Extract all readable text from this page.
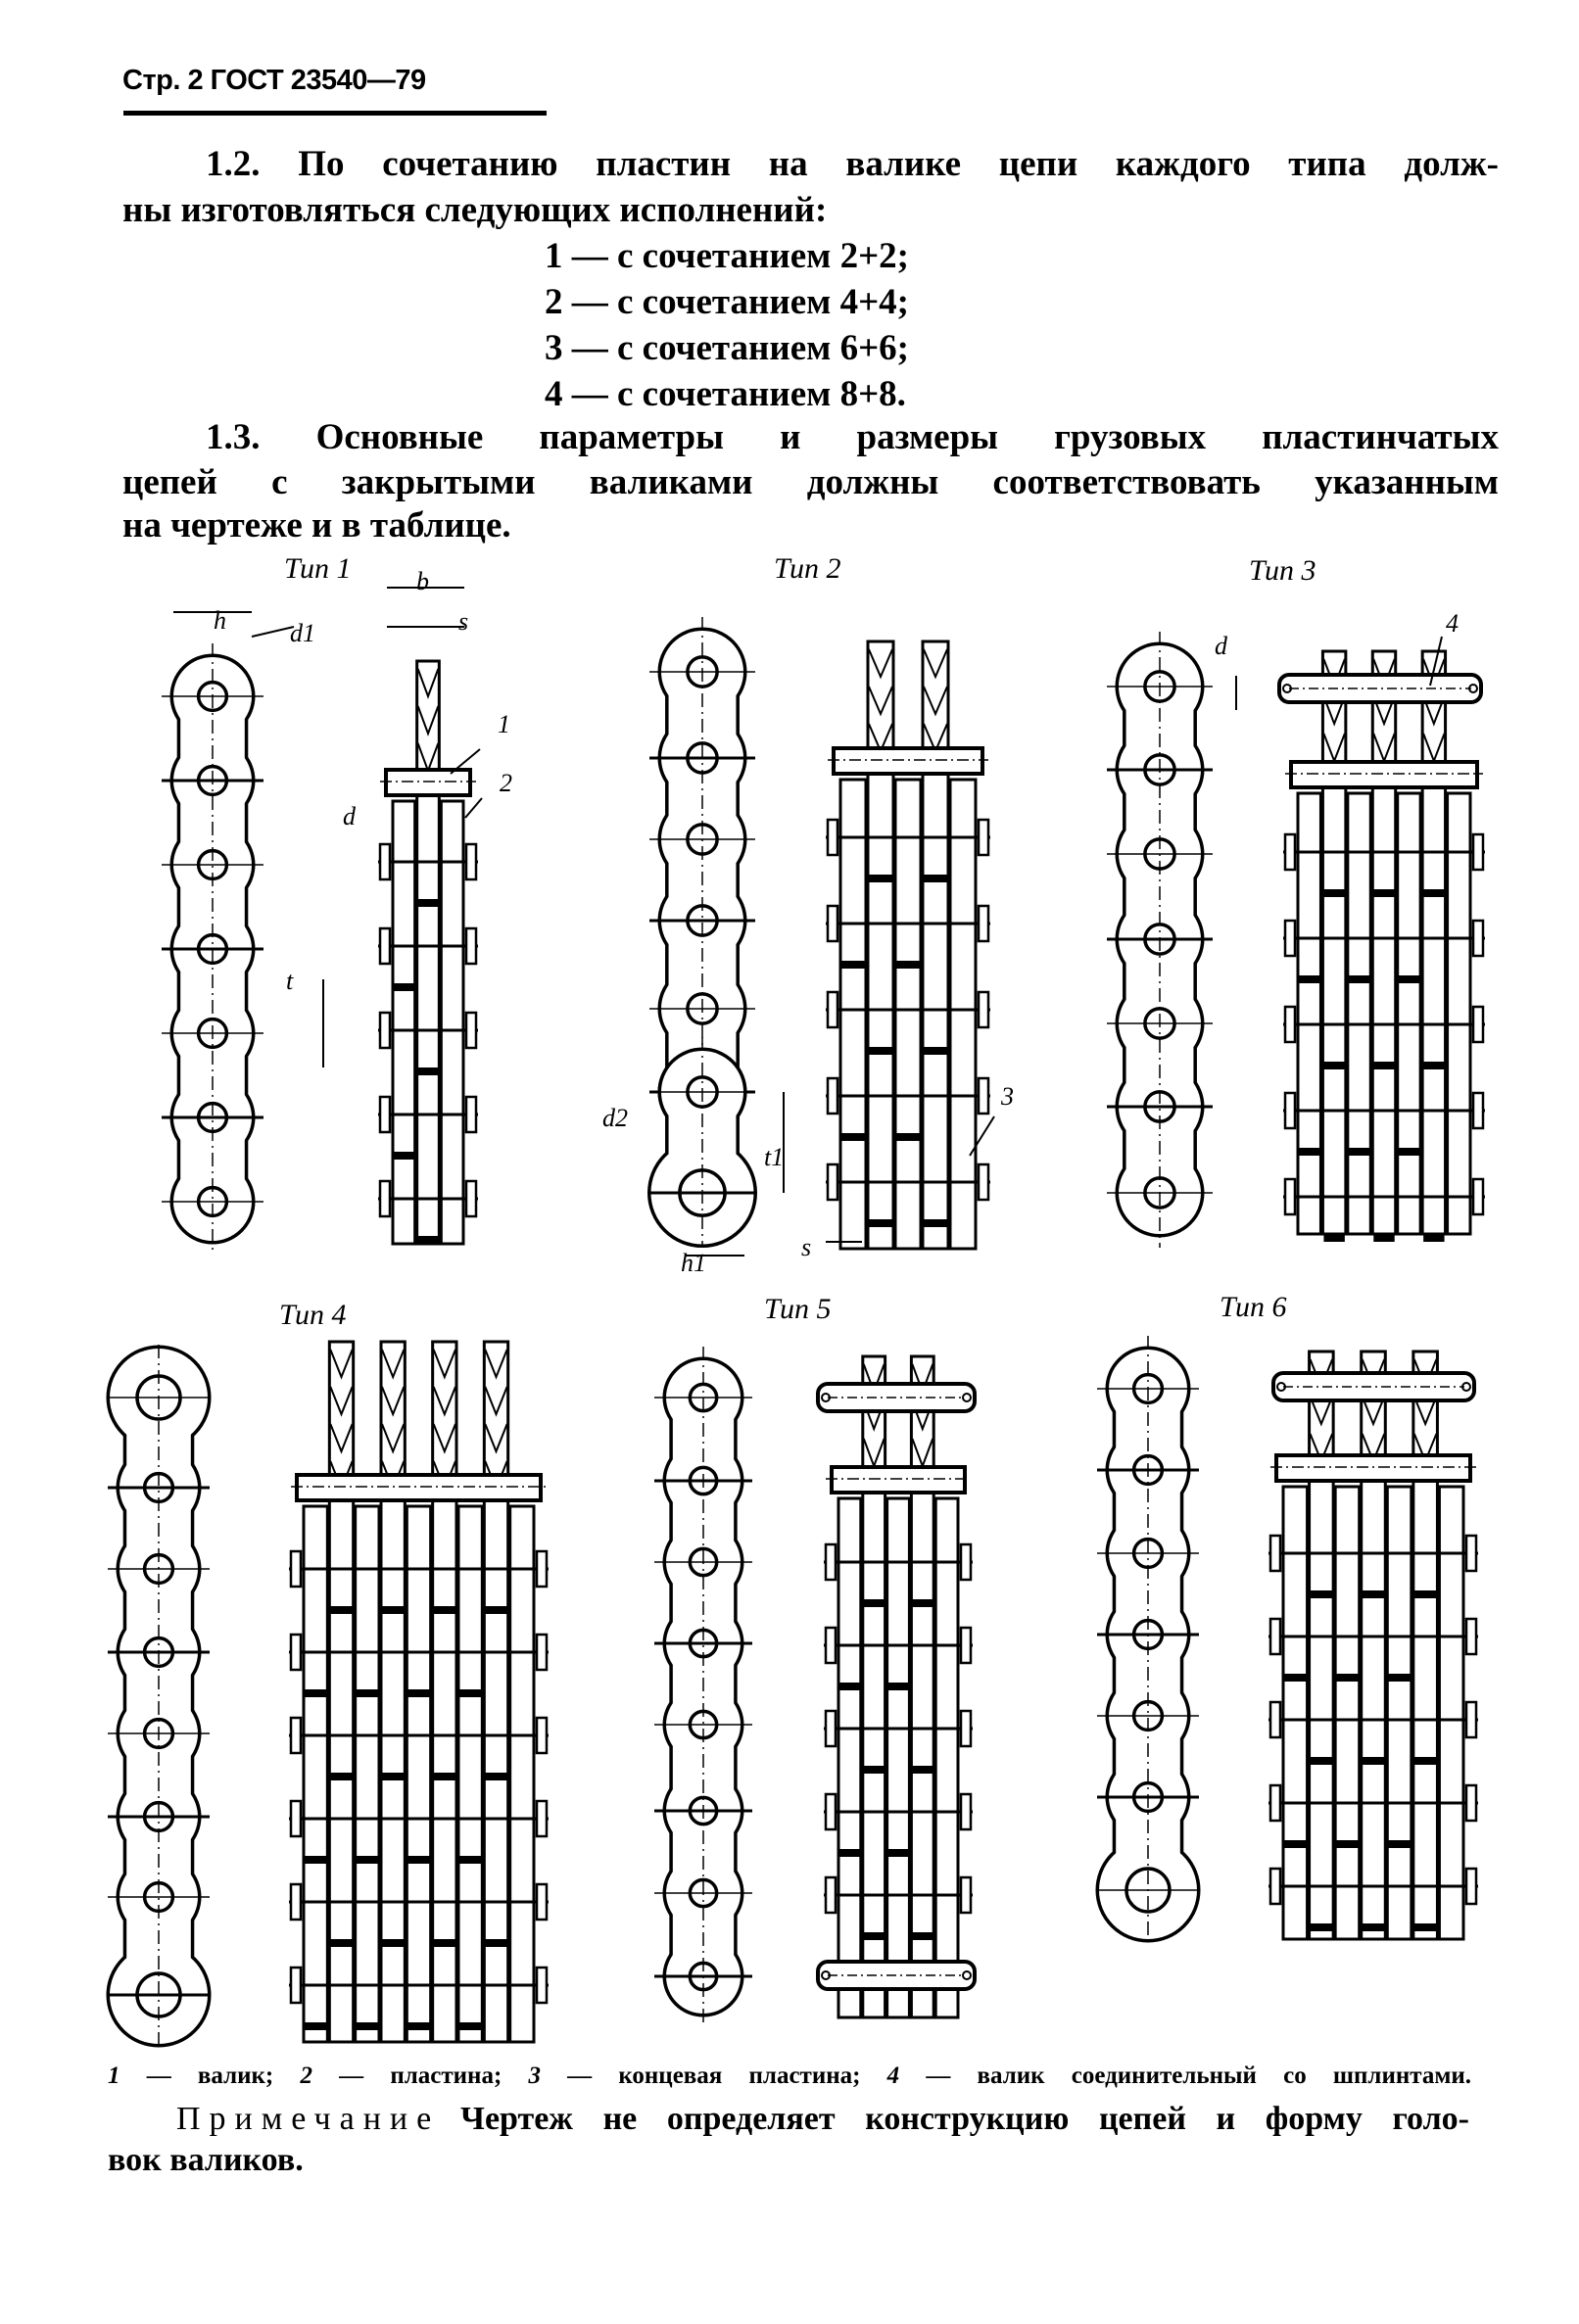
Стр. 2 ГОСТ 23540—79
1.2. По сочетанию пластин на валике цепи каждого типа долж-
ны изготовляться следующих исполнений:
1 — с сочетанием 2+2;
2 — с сочетанием 4+4;
3 — с сочетанием 6+6;
4 — с сочетанием 8+8.
1.3. Основные параметры и размеры грузовых пластинчатых
цепей с закрытыми валиками должны соответствовать указанным
на чертеже и в таблице.
Тип 1	Тип 2	Тип 3
Тип 4	Тип 5	Тип 6
h	d1
b
s
1
2
d
t
d2
t1
h1
s
3
d
4
1 — валик; 2 — пластина; 3 — концевая пластина; 4 — валик соединительный со шплинтами.
Примечание Чертеж не определяет конструкцию цепей и форму голо-
вок валиков.
